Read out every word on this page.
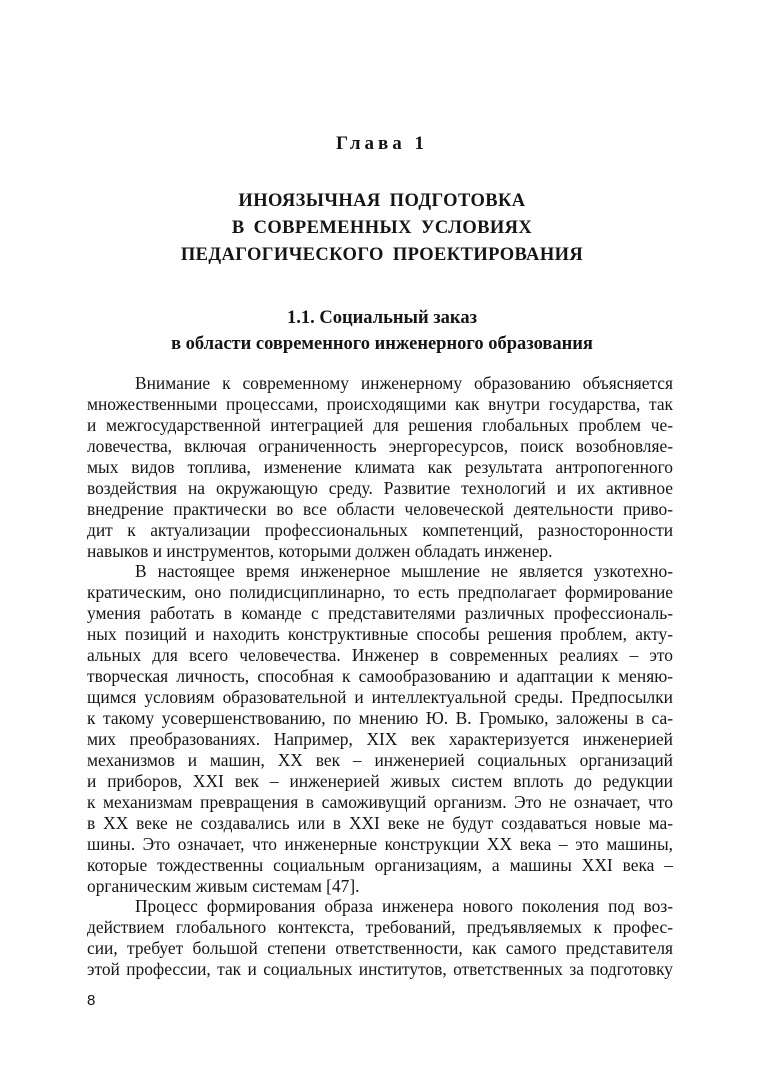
Глава 1
ИНОЯЗЫЧНАЯ ПОДГОТОВКА
В СОВРЕМЕННЫХ УСЛОВИЯХ
ПЕДАГОГИЧЕСКОГО ПРОЕКТИРОВАНИЯ
1.1. Социальный заказ
в области современного инженерного образования
Внимание к современному инженерному образованию объясняется
множественными процессами, происходящими как внутри государства, так
и межгосударственной интеграцией для решения глобальных проблем че-
ловечества, включая ограниченность энергоресурсов, поиск возобновляе-
мых видов топлива, изменение климата как результата антропогенного
воздействия на окружающую среду. Развитие технологий и их активное
внедрение практически во все области человеческой деятельности приво-
дит к актуализации профессиональных компетенций, разносторонности
навыков и инструментов, которыми должен обладать инженер.
В настоящее время инженерное мышление не является узкотехно-
кратическим, оно полидисциплинарно, то есть предполагает формирование
умения работать в команде с представителями различных профессиональ-
ных позиций и находить конструктивные способы решения проблем, акту-
альных для всего человечества. Инженер в современных реалиях – это
творческая личность, способная к самообразованию и адаптации к меняю-
щимся условиям образовательной и интеллектуальной среды. Предпосылки
к такому усовершенствованию, по мнению Ю. В. Громыко, заложены в са-
мих преобразованиях. Например, XIX век характеризуется инженерией
механизмов и машин, XX век – инженерией социальных организаций
и приборов, XXI век – инженерией живых систем вплоть до редукции
к механизмам превращения в саможивущий организм. Это не означает, что
в XX веке не создавались или в XXI веке не будут создаваться новые ма-
шины. Это означает, что инженерные конструкции XX века – это машины,
которые тождественны социальным организациям, а машины XXI века –
органическим живым системам [47].
Процесс формирования образа инженера нового поколения под воз-
действием глобального контекста, требований, предъявляемых к профес-
сии, требует большой степени ответственности, как самого представителя
этой профессии, так и социальных институтов, ответственных за подготовку
8
